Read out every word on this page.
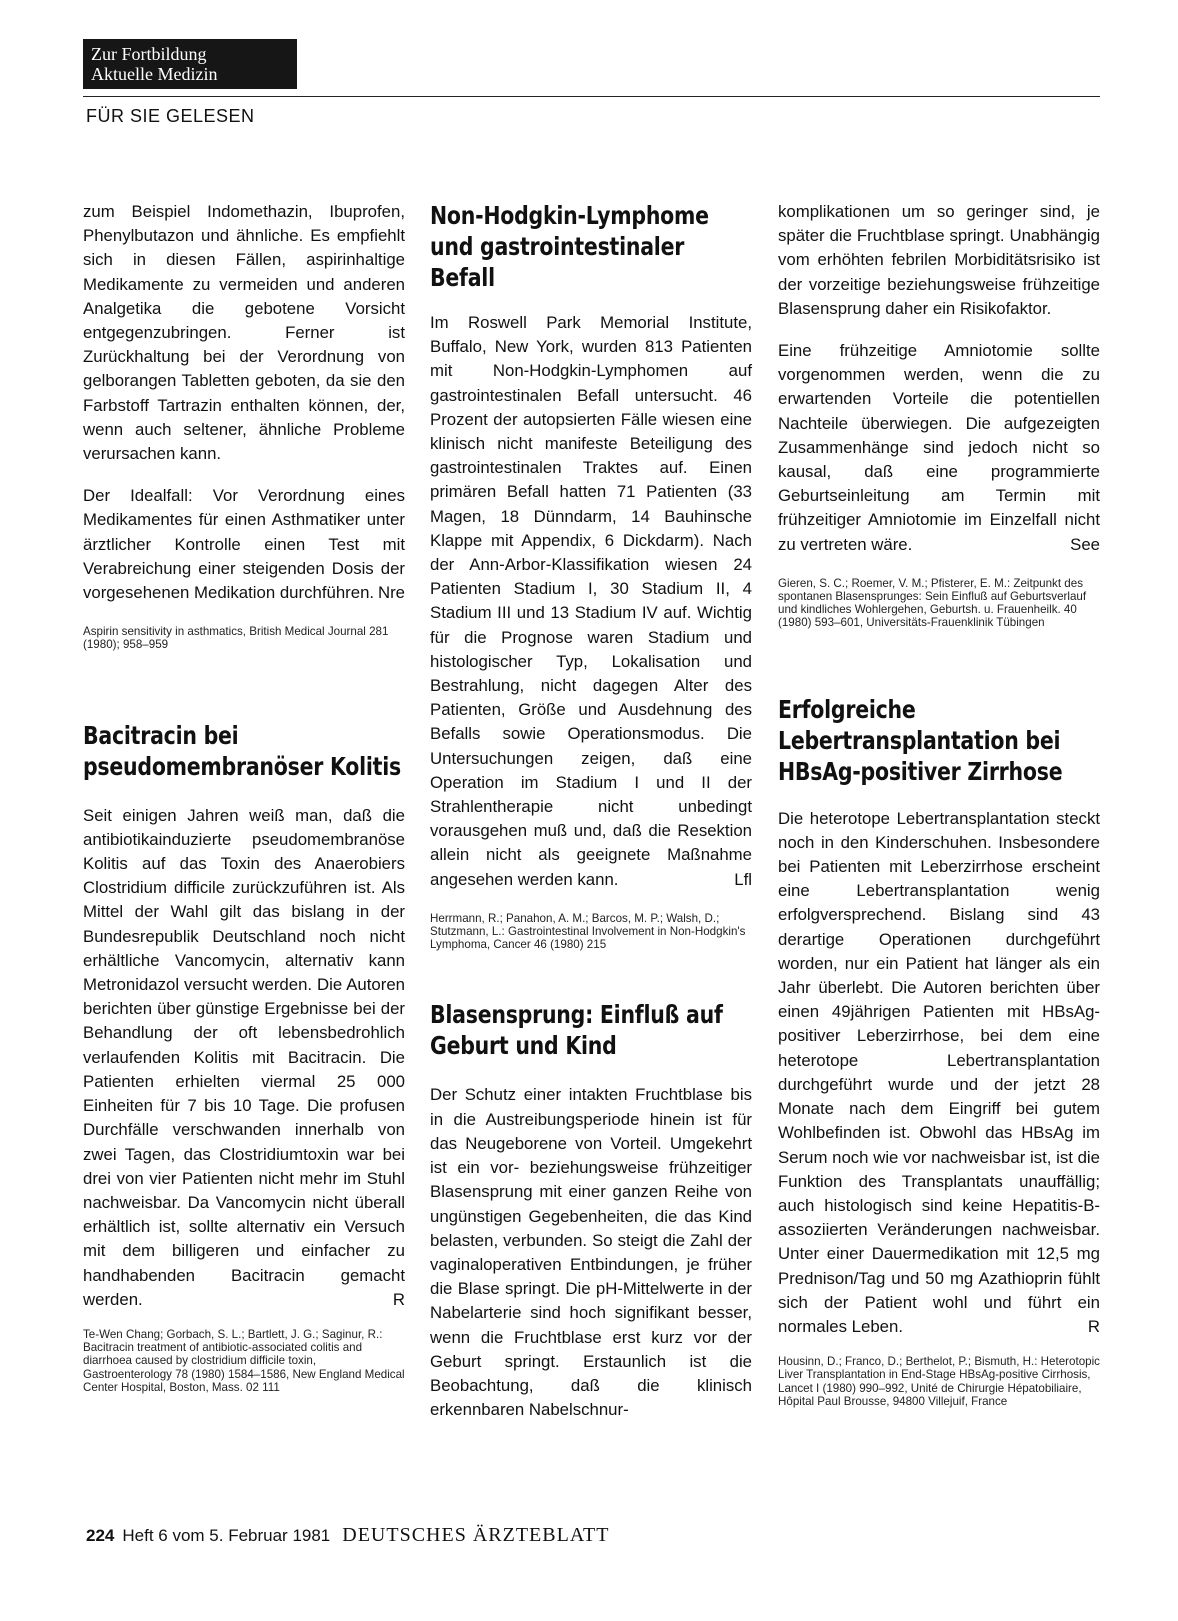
Zur Fortbildung
Aktuelle Medizin
FÜR SIE GELESEN

zum Beispiel Indomethazin, Ibuprofen, Phenylbutazon und ähnliche. Es empfiehlt sich in diesen Fällen, aspirinhaltige Medikamente zu vermeiden und anderen Analgetika die gebotene Vorsicht entgegenzubringen. Ferner ist Zurückhaltung bei der Verordnung von gelborangen Tabletten geboten, da sie den Farbstoff Tartrazin enthalten können, der, wenn auch seltener, ähnliche Probleme verursachen kann.

Der Idealfall: Vor Verordnung eines Medikamentes für einen Asthmatiker unter ärztlicher Kontrolle einen Test mit Verabreichung einer steigenden Dosis der vorgesehenen Medikation durchführen. Nre

Aspirin sensitivity in asthmatics, British Medical Journal 281 (1980); 958–959

Bacitracin bei pseudomembranöser Kolitis

Seit einigen Jahren weiß man, daß die antibiotikainduzierte pseudomembranöse Kolitis auf das Toxin des Anaerobiers Clostridium difficile zurückzuführen ist. Als Mittel der Wahl gilt das bislang in der Bundesrepublik Deutschland noch nicht erhältliche Vancomycin, alternativ kann Metronidazol versucht werden. Die Autoren berichten über günstige Ergebnisse bei der Behandlung der oft lebensbedrohlich verlaufenden Kolitis mit Bacitracin. Die Patienten erhielten viermal 25 000 Einheiten für 7 bis 10 Tage. Die profusen Durchfälle verschwanden innerhalb von zwei Tagen, das Clostridiumtoxin war bei drei von vier Patienten nicht mehr im Stuhl nachweisbar. Da Vancomycin nicht überall erhältlich ist, sollte alternativ ein Versuch mit dem billigeren und einfacher zu handhabenden Bacitracin gemacht werden.	R

Te-Wen Chang; Gorbach, S. L.; Bartlett, J. G.; Saginur, R.: Bacitracin treatment of antibiotic-associated colitis and diarrhoea caused by clostridium difficile toxin, Gastroenterology 78 (1980) 1584–1586, New England Medical Center Hospital, Boston, Mass. 02 111

Non-Hodgkin-Lymphome und gastrointestinaler Befall

Im Roswell Park Memorial Institute, Buffalo, New York, wurden 813 Patienten mit Non-Hodgkin-Lymphomen auf gastrointestinalen Befall untersucht. 46 Prozent der autopsierten Fälle wiesen eine klinisch nicht manifeste Beteiligung des gastrointestinalen Traktes auf. Einen primären Befall hatten 71 Patienten (33 Magen, 18 Dünndarm, 14 Bauhinsche Klappe mit Appendix, 6 Dickdarm). Nach der Ann-Arbor-Klassifikation wiesen 24 Patienten Stadium I, 30 Stadium II, 4 Stadium III und 13 Stadium IV auf. Wichtig für die Prognose waren Stadium und histologischer Typ, Lokalisation und Bestrahlung, nicht dagegen Alter des Patienten, Größe und Ausdehnung des Befalls sowie Operationsmodus. Die Untersuchungen zeigen, daß eine Operation im Stadium I und II der Strahlentherapie nicht unbedingt vorausgehen muß und, daß die Resektion allein nicht als geeignete Maßnahme angesehen werden kann.	Lfl

Herrmann, R.; Panahon, A. M.; Barcos, M. P.; Walsh, D.; Stutzmann, L.: Gastrointestinal Involvement in Non-Hodgkin's Lymphoma, Cancer 46 (1980) 215

Blasensprung: Einfluß auf Geburt und Kind

Der Schutz einer intakten Fruchtblase bis in die Austreibungsperiode hinein ist für das Neugeborene von Vorteil. Umgekehrt ist ein vor- beziehungsweise frühzeitiger Blasensprung mit einer ganzen Reihe von ungünstigen Gegebenheiten, die das Kind belasten, verbunden. So steigt die Zahl der vaginaloperativen Entbindungen, je früher die Blase springt. Die pH-Mittelwerte in der Nabelarterie sind hoch signifikant besser, wenn die Fruchtblase erst kurz vor der Geburt springt. Erstaunlich ist die Beobachtung, daß die klinisch erkennbaren Nabelschnur-

komplikationen um so geringer sind, je später die Fruchtblase springt. Unabhängig vom erhöhten febrilen Morbiditätsrisiko ist der vorzeitige beziehungsweise frühzeitige Blasensprung daher ein Risikofaktor.

Eine frühzeitige Amniotomie sollte vorgenommen werden, wenn die zu erwartenden Vorteile die potentiellen Nachteile überwiegen. Die aufgezeigten Zusammenhänge sind jedoch nicht so kausal, daß eine programmierte Geburtseinleitung am Termin mit frühzeitiger Amniotomie im Einzelfall nicht zu vertreten wäre.	See

Gieren, S. C.; Roemer, V. M.; Pfisterer, E. M.: Zeitpunkt des spontanen Blasensprunges: Sein Einfluß auf Geburtsverlauf und kindliches Wohlergehen, Geburtsh. u. Frauenheilk. 40 (1980) 593–601, Universitäts-Frauenklinik Tübingen

Erfolgreiche Lebertransplantation bei HBsAg-positiver Zirrhose

Die heterotope Lebertransplantation steckt noch in den Kinderschuhen. Insbesondere bei Patienten mit Leberzirrhose erscheint eine Lebertransplantation wenig erfolgversprechend. Bislang sind 43 derartige Operationen durchgeführt worden, nur ein Patient hat länger als ein Jahr überlebt. Die Autoren berichten über einen 49jährigen Patienten mit HBsAg-positiver Leberzirrhose, bei dem eine heterotope Lebertransplantation durchgeführt wurde und der jetzt 28 Monate nach dem Eingriff bei gutem Wohlbefinden ist. Obwohl das HBsAg im Serum noch wie vor nachweisbar ist, ist die Funktion des Transplantats unauffällig; auch histologisch sind keine Hepatitis-B-assoziierten Veränderungen nachweisbar. Unter einer Dauermedikation mit 12,5 mg Prednison/Tag und 50 mg Azathioprin fühlt sich der Patient wohl und führt ein normales Leben.	R

Housinn, D.; Franco, D.; Berthelot, P.; Bismuth, H.: Heterotopic Liver Transplantation in End-Stage HBsAg-positive Cirrhosis, Lancet I (1980) 990–992, Unité de Chirurgie Hépatobiliaire, Hôpital Paul Brousse, 94800 Villejuif, France

224 Heft 6 vom 5. Februar 1981 DEUTSCHES ÄRZTEBLATT
